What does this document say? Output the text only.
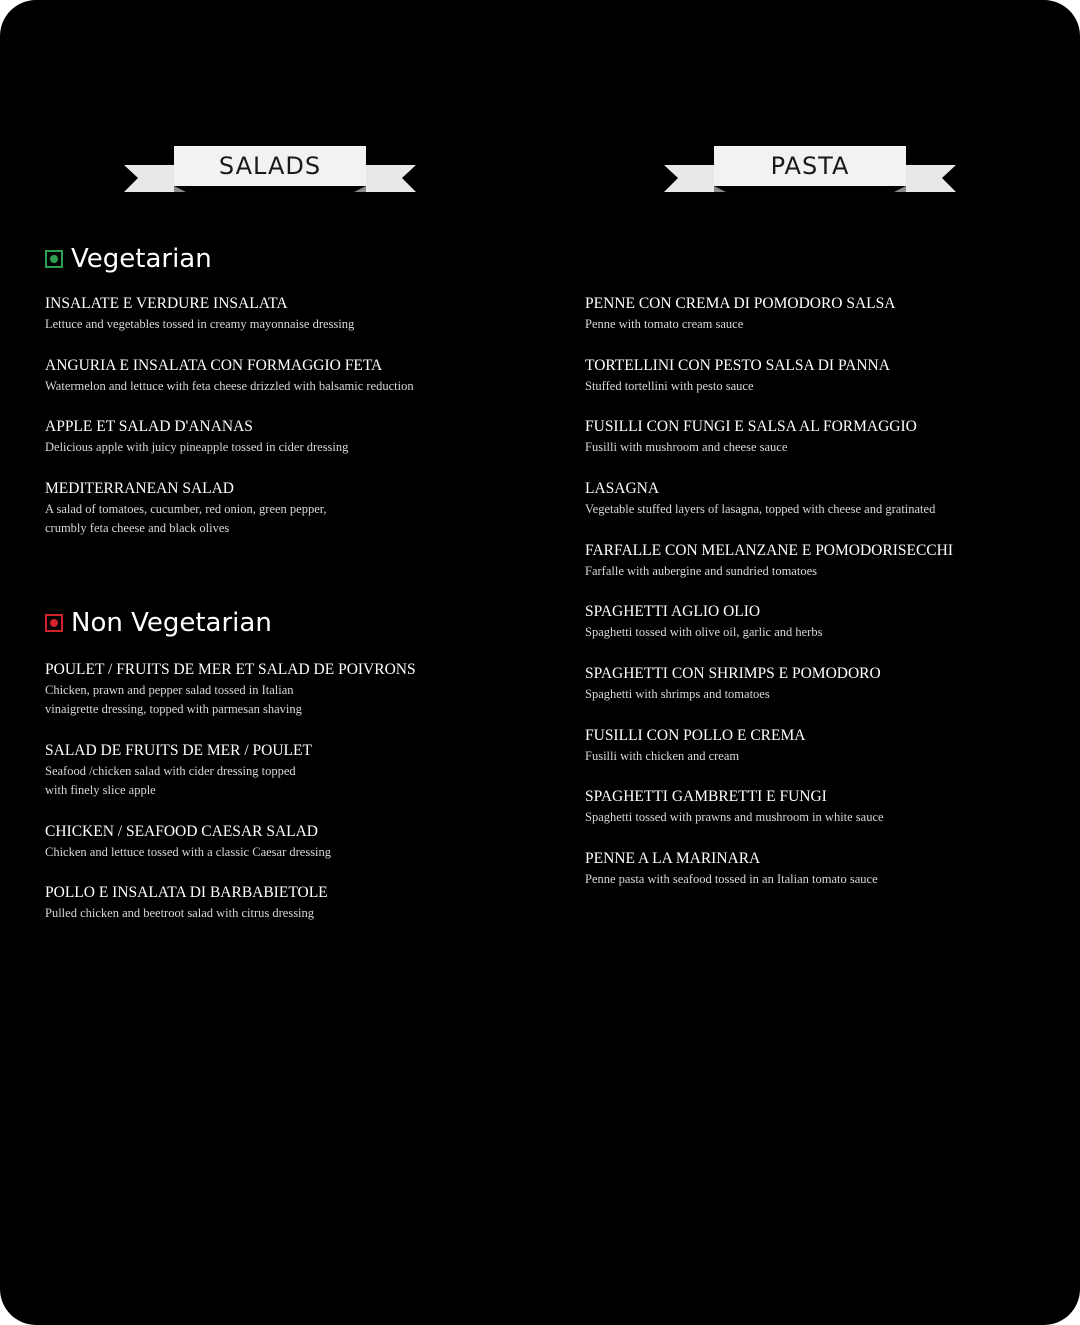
SALADS	PASTA
Vegetarian
INSALATE E VERDURE INSALATA
Lettuce and vegetables tossed in creamy mayonnaise dressing
ANGURIA E INSALATA CON FORMAGGIO FETA
Watermelon and lettuce with feta cheese drizzled with balsamic reduction
APPLE ET SALAD D'ANANAS
Delicious apple with juicy pineapple tossed in cider dressing
MEDITERRANEAN SALAD
A salad of tomatoes, cucumber, red onion, green pepper,
crumbly feta cheese and black olives
Non Vegetarian
POULET / FRUITS DE MER ET SALAD DE POIVRONS
Chicken, prawn and pepper salad tossed in Italian
vinaigrette dressing, topped with parmesan shaving
SALAD DE FRUITS DE MER / POULET
Seafood /chicken salad with cider dressing topped
with finely slice apple
CHICKEN / SEAFOOD CAESAR SALAD
Chicken and lettuce tossed with a classic Caesar dressing
POLLO E INSALATA DI BARBABIETOLE
Pulled chicken and beetroot salad with citrus dressing
PENNE CON CREMA DI POMODORO SALSA
Penne with tomato cream sauce
TORTELLINI CON PESTO SALSA DI PANNA
Stuffed tortellini with pesto sauce
FUSILLI CON FUNGI E SALSA AL FORMAGGIO
Fusilli with mushroom and cheese sauce
LASAGNA
Vegetable stuffed layers of lasagna, topped with cheese and gratinated
FARFALLE CON MELANZANE E POMODORISECCHI
Farfalle with aubergine and sundried tomatoes
SPAGHETTI AGLIO OLIO
Spaghetti tossed with olive oil, garlic and herbs
SPAGHETTI CON SHRIMPS E POMODORO
Spaghetti with shrimps and tomatoes
FUSILLI CON POLLO E CREMA
Fusilli with chicken and cream
SPAGHETTI GAMBRETTI E FUNGI
Spaghetti tossed with prawns and mushroom in white sauce
PENNE A LA MARINARA
Penne pasta with seafood tossed in an Italian tomato sauce
